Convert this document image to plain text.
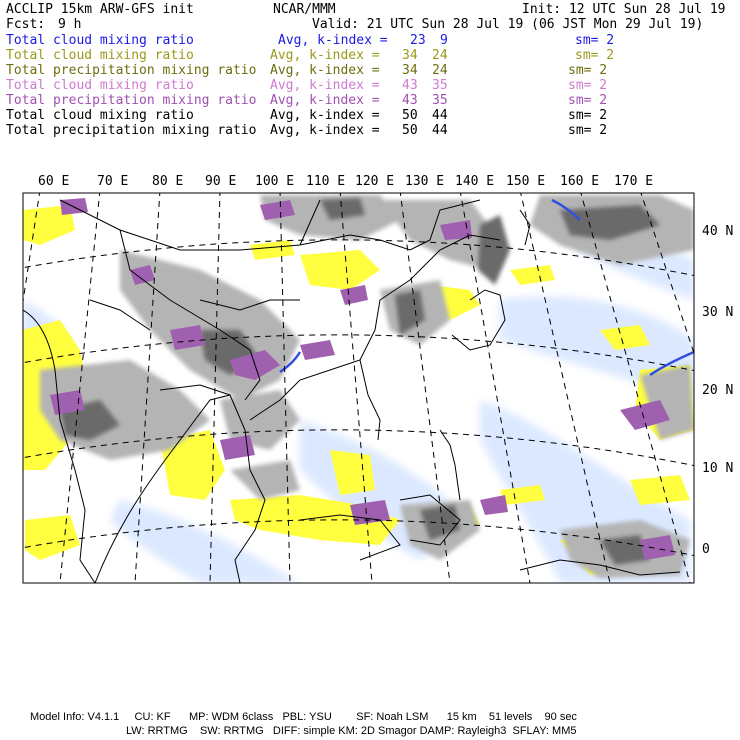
60 E 70 E 80 E 90 E 100 E 110 E 120 E 130 E 140 E 150 E 160 E 170 E
40 N
30 N
20 N
10 N
0
ACCLIP 15km ARW-GFS init	NCAR/MMM	Init: 12 UTC Sun 28 Jul 19
Fcst: 9 h	Valid: 21 UTC Sun 28 Jul 19 (06 JST Mon 29 Jul 19)
Total cloud mixing ratio	Avg, k-index = 23 9	sm= 2
Total cloud mixing ratio	Avg, k-index = 34 24	sm= 2
Total precipitation mixing ratio Avg, k-index = 34 24	sm= 2
Total cloud mixing ratio	Avg, k-index = 43 35	sm= 2
Total precipitation mixing ratio Avg, k-index = 43 35	sm= 2
Total cloud mixing ratio	Avg, k-index = 50 44	sm= 2
Total precipitation mixing ratio Avg, k-index = 50 44	sm= 2
Model Info: V4.1.1     CU: KF      MP: WDM 6class   PBL: YSU        SF: Noah LSM      15 km    51 levels    90 sec
LW: RRTMG    SW: RRTMG   DIFF: simple KM: 2D Smagor DAMP: Rayleigh3  SFLAY: MM5
